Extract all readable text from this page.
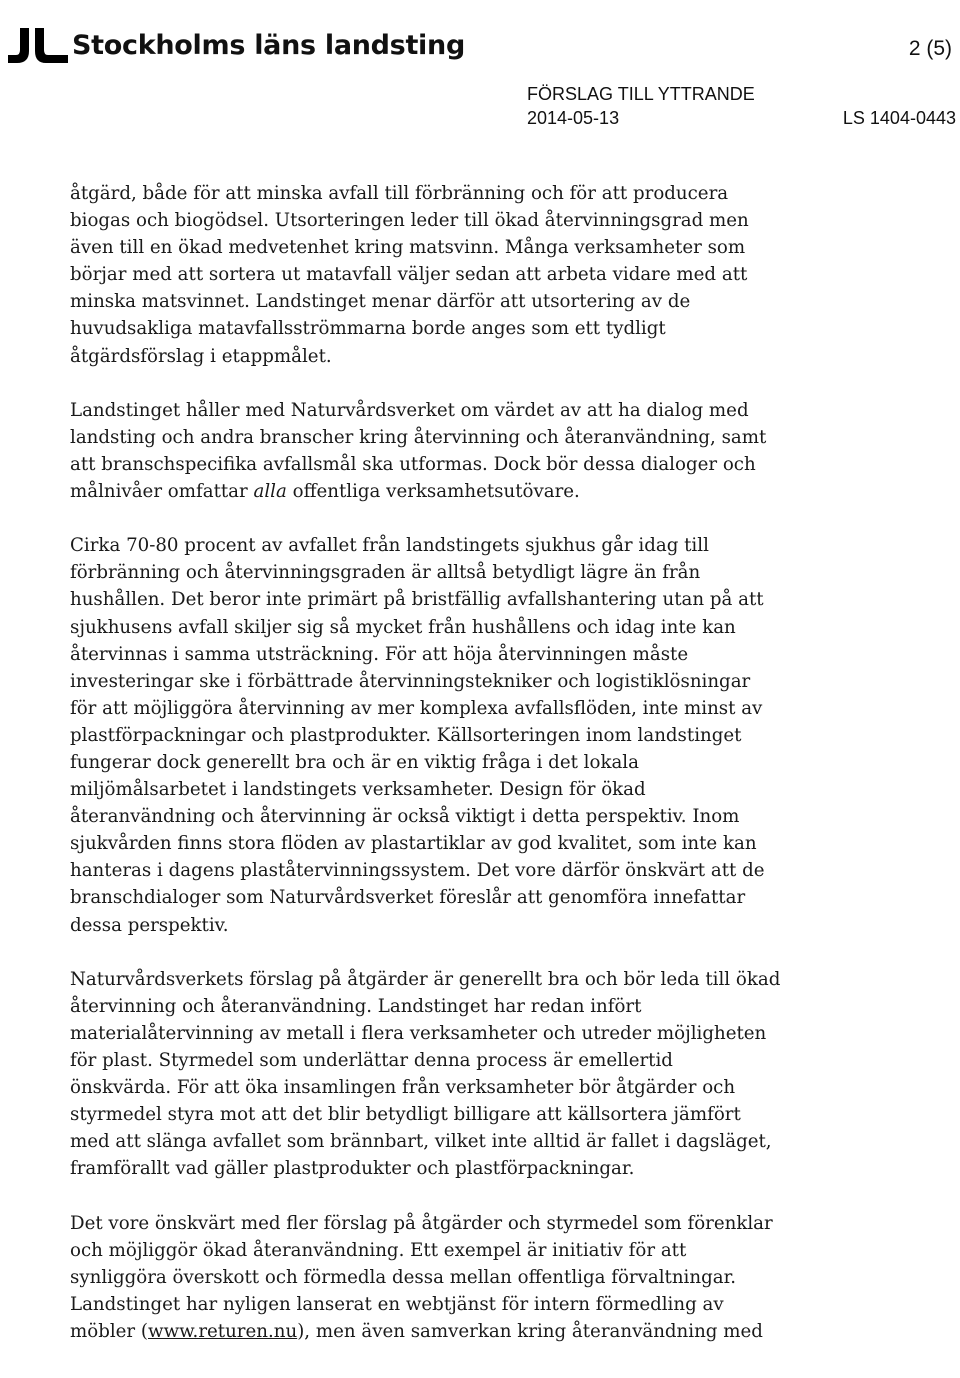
Stockholms läns landsting	2 (5)
FÖRSLAG TILL YTTRANDE
2014-05-13	LS 1404-0443
åtgärd, både för att minska avfall till förbränning och för att producera
biogas och biogödsel. Utsorteringen leder till ökad återvinningsgrad men
även till en ökad medvetenhet kring matsvinn. Många verksamheter som
börjar med att sortera ut matavfall väljer sedan att arbeta vidare med att
minska matsvinnet. Landstinget menar därför att utsortering av de
huvudsakliga matavfallsströmmarna borde anges som ett tydligt
åtgärdsförslag i etappmålet.
Landstinget håller med Naturvårdsverket om värdet av att ha dialog med
landsting och andra branscher kring återvinning och återanvändning, samt
att branschspecifika avfallsmål ska utformas. Dock bör dessa dialoger och
målnivåer omfattar alla offentliga verksamhetsutövare.
Cirka 70-80 procent av avfallet från landstingets sjukhus går idag till
förbränning och återvinningsgraden är alltså betydligt lägre än från
hushållen. Det beror inte primärt på bristfällig avfallshantering utan på att
sjukhusens avfall skiljer sig så mycket från hushållens och idag inte kan
återvinnas i samma utsträckning. För att höja återvinningen måste
investeringar ske i förbättrade återvinningstekniker och logistiklösningar
för att möjliggöra återvinning av mer komplexa avfallsflöden, inte minst av
plastförpackningar och plastprodukter. Källsorteringen inom landstinget
fungerar dock generellt bra och är en viktig fråga i det lokala
miljömålsarbetet i landstingets verksamheter. Design för ökad
återanvändning och återvinning är också viktigt i detta perspektiv. Inom
sjukvården finns stora flöden av plastartiklar av god kvalitet, som inte kan
hanteras i dagens plaståtervinningssystem. Det vore därför önskvärt att de
branschdialoger som Naturvårdsverket föreslår att genomföra innefattar
dessa perspektiv.
Naturvårdsverkets förslag på åtgärder är generellt bra och bör leda till ökad
återvinning och återanvändning. Landstinget har redan infört
materialåtervinning av metall i flera verksamheter och utreder möjligheten
för plast. Styrmedel som underlättar denna process är emellertid
önskvärda. För att öka insamlingen från verksamheter bör åtgärder och
styrmedel styra mot att det blir betydligt billigare att källsortera jämfört
med att slänga avfallet som brännbart, vilket inte alltid är fallet i dagsläget,
framförallt vad gäller plastprodukter och plastförpackningar.
Det vore önskvärt med fler förslag på åtgärder och styrmedel som förenklar
och möjliggör ökad återanvändning. Ett exempel är initiativ för att
synliggöra överskott och förmedla dessa mellan offentliga förvaltningar.
Landstinget har nyligen lanserat en webtjänst för intern förmedling av
möbler (www.returen.nu), men även samverkan kring återanvändning med
